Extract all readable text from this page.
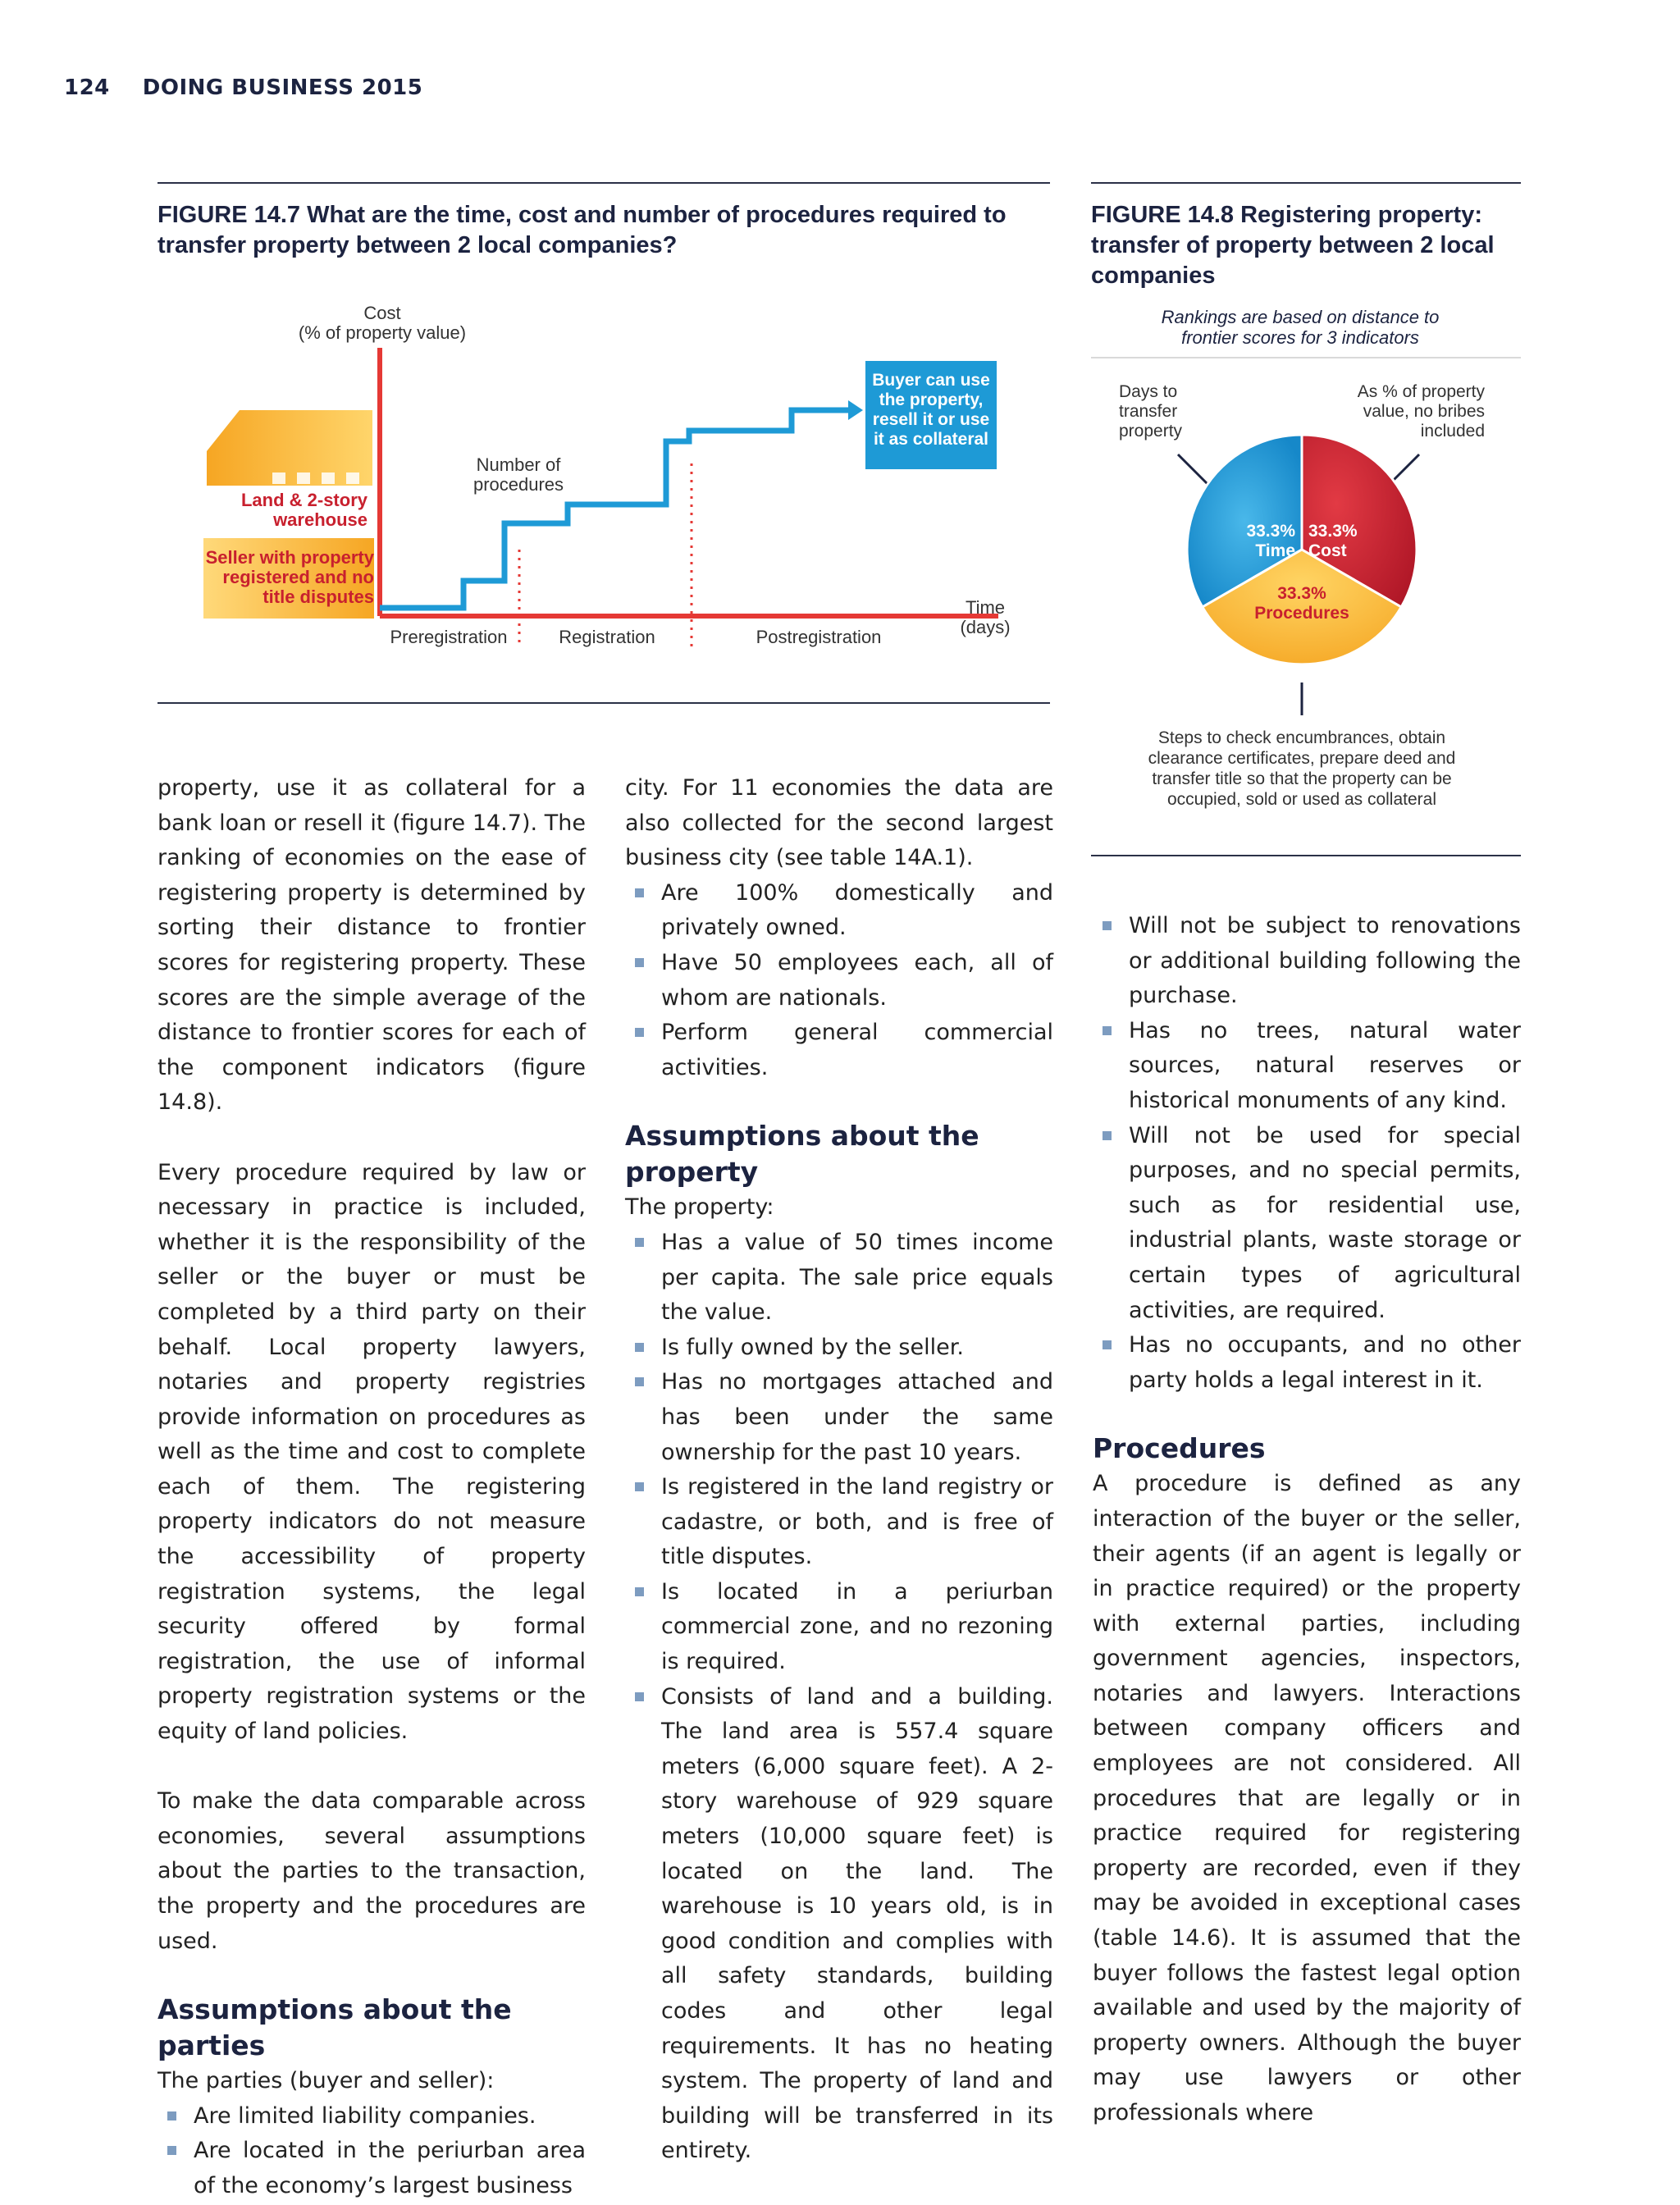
124 DOING BUSINESS 2015
FIGURE 14.7 What are the time, cost and number of procedures required to transfer property between 2 local companies?
Cost
(% of property value)
Land & 2-story
warehouse
Seller with property
registered and no
title disputes
Number of
procedures
Buyer can use
the property,
resell it or use
it as collateral
Time
(days)
Preregistration	Registration	Postregistration
FIGURE 14.8 Registering property:
transfer of property between 2 local
companies
Rankings are based on distance to
frontier scores for 3 indicators
Days to
transfer
property
As % of property
value, no bribes
included
33.3%
Time
33.3%
Cost
33.3%
Procedures
Steps to check encumbrances, obtain
clearance certificates, prepare deed and
transfer title so that the property can be
occupied, sold or used as collateral

property, use it as collateral for a bank loan or resell it (figure 14.7). The ranking of economies on the ease of registering property is determined by sorting their distance to frontier scores for registering property. These scores are the simple average of the distance to frontier scores for each of the component indicators (figure 14.8).

Every procedure required by law or necessary in practice is included, whether it is the responsibility of the seller or the buyer or must be completed by a third party on their behalf. Local property lawyers, notaries and property registries provide information on procedures as well as the time and cost to complete each of them. The registering property indicators do not measure the accessibility of property registration systems, the legal security offered by formal registration, the use of informal property registration systems or the equity of land policies.

To make the data comparable across economies, several assumptions about the parties to the transaction, the property and the procedures are used.

Assumptions about the parties

The parties (buyer and seller):

Are limited liability companies.
Are located in the periurban area of the economy’s largest business

city. For 11 economies the data are also collected for the second largest business city (see table 14A.1).

Are 100% domestically and privately owned.
Have 50 employees each, all of whom are nationals.
Perform general commercial activities.
Assumptions about the property

The property:

Has a value of 50 times income per capita. The sale price equals the value.
Is fully owned by the seller.
Has no mortgages attached and has been under the same ownership for the past 10 years.
Is registered in the land registry or cadastre, or both, and is free of title disputes.
Is located in a periurban commercial zone, and no rezoning is required.
Consists of land and a building. The land area is 557.4 square meters (6,000 square feet). A 2-story warehouse of 929 square meters (10,000 square feet) is located on the land. The warehouse is 10 years old, is in good condition and complies with all safety standards, building codes and other legal requirements. It has no heating system. The property of land and building will be transferred in its entirety.
Will not be subject to renovations or additional building following the purchase.
Has no trees, natural water sources, natural reserves or historical monuments of any kind.
Will not be used for special purposes, and no special permits, such as for residential use, industrial plants, waste storage or certain types of agricultural activities, are required.
Has no occupants, and no other party holds a legal interest in it.
Procedures

A procedure is defined as any interaction of the buyer or the seller, their agents (if an agent is legally or in practice required) or the property with external parties, including government agencies, inspectors, notaries and lawyers. Interactions between company officers and employees are not considered. All procedures that are legally or in practice required for registering property are recorded, even if they may be avoided in exceptional cases (table 14.6). It is assumed that the buyer follows the fastest legal option available and used by the majority of property owners. Although the buyer may use lawyers or other professionals where
